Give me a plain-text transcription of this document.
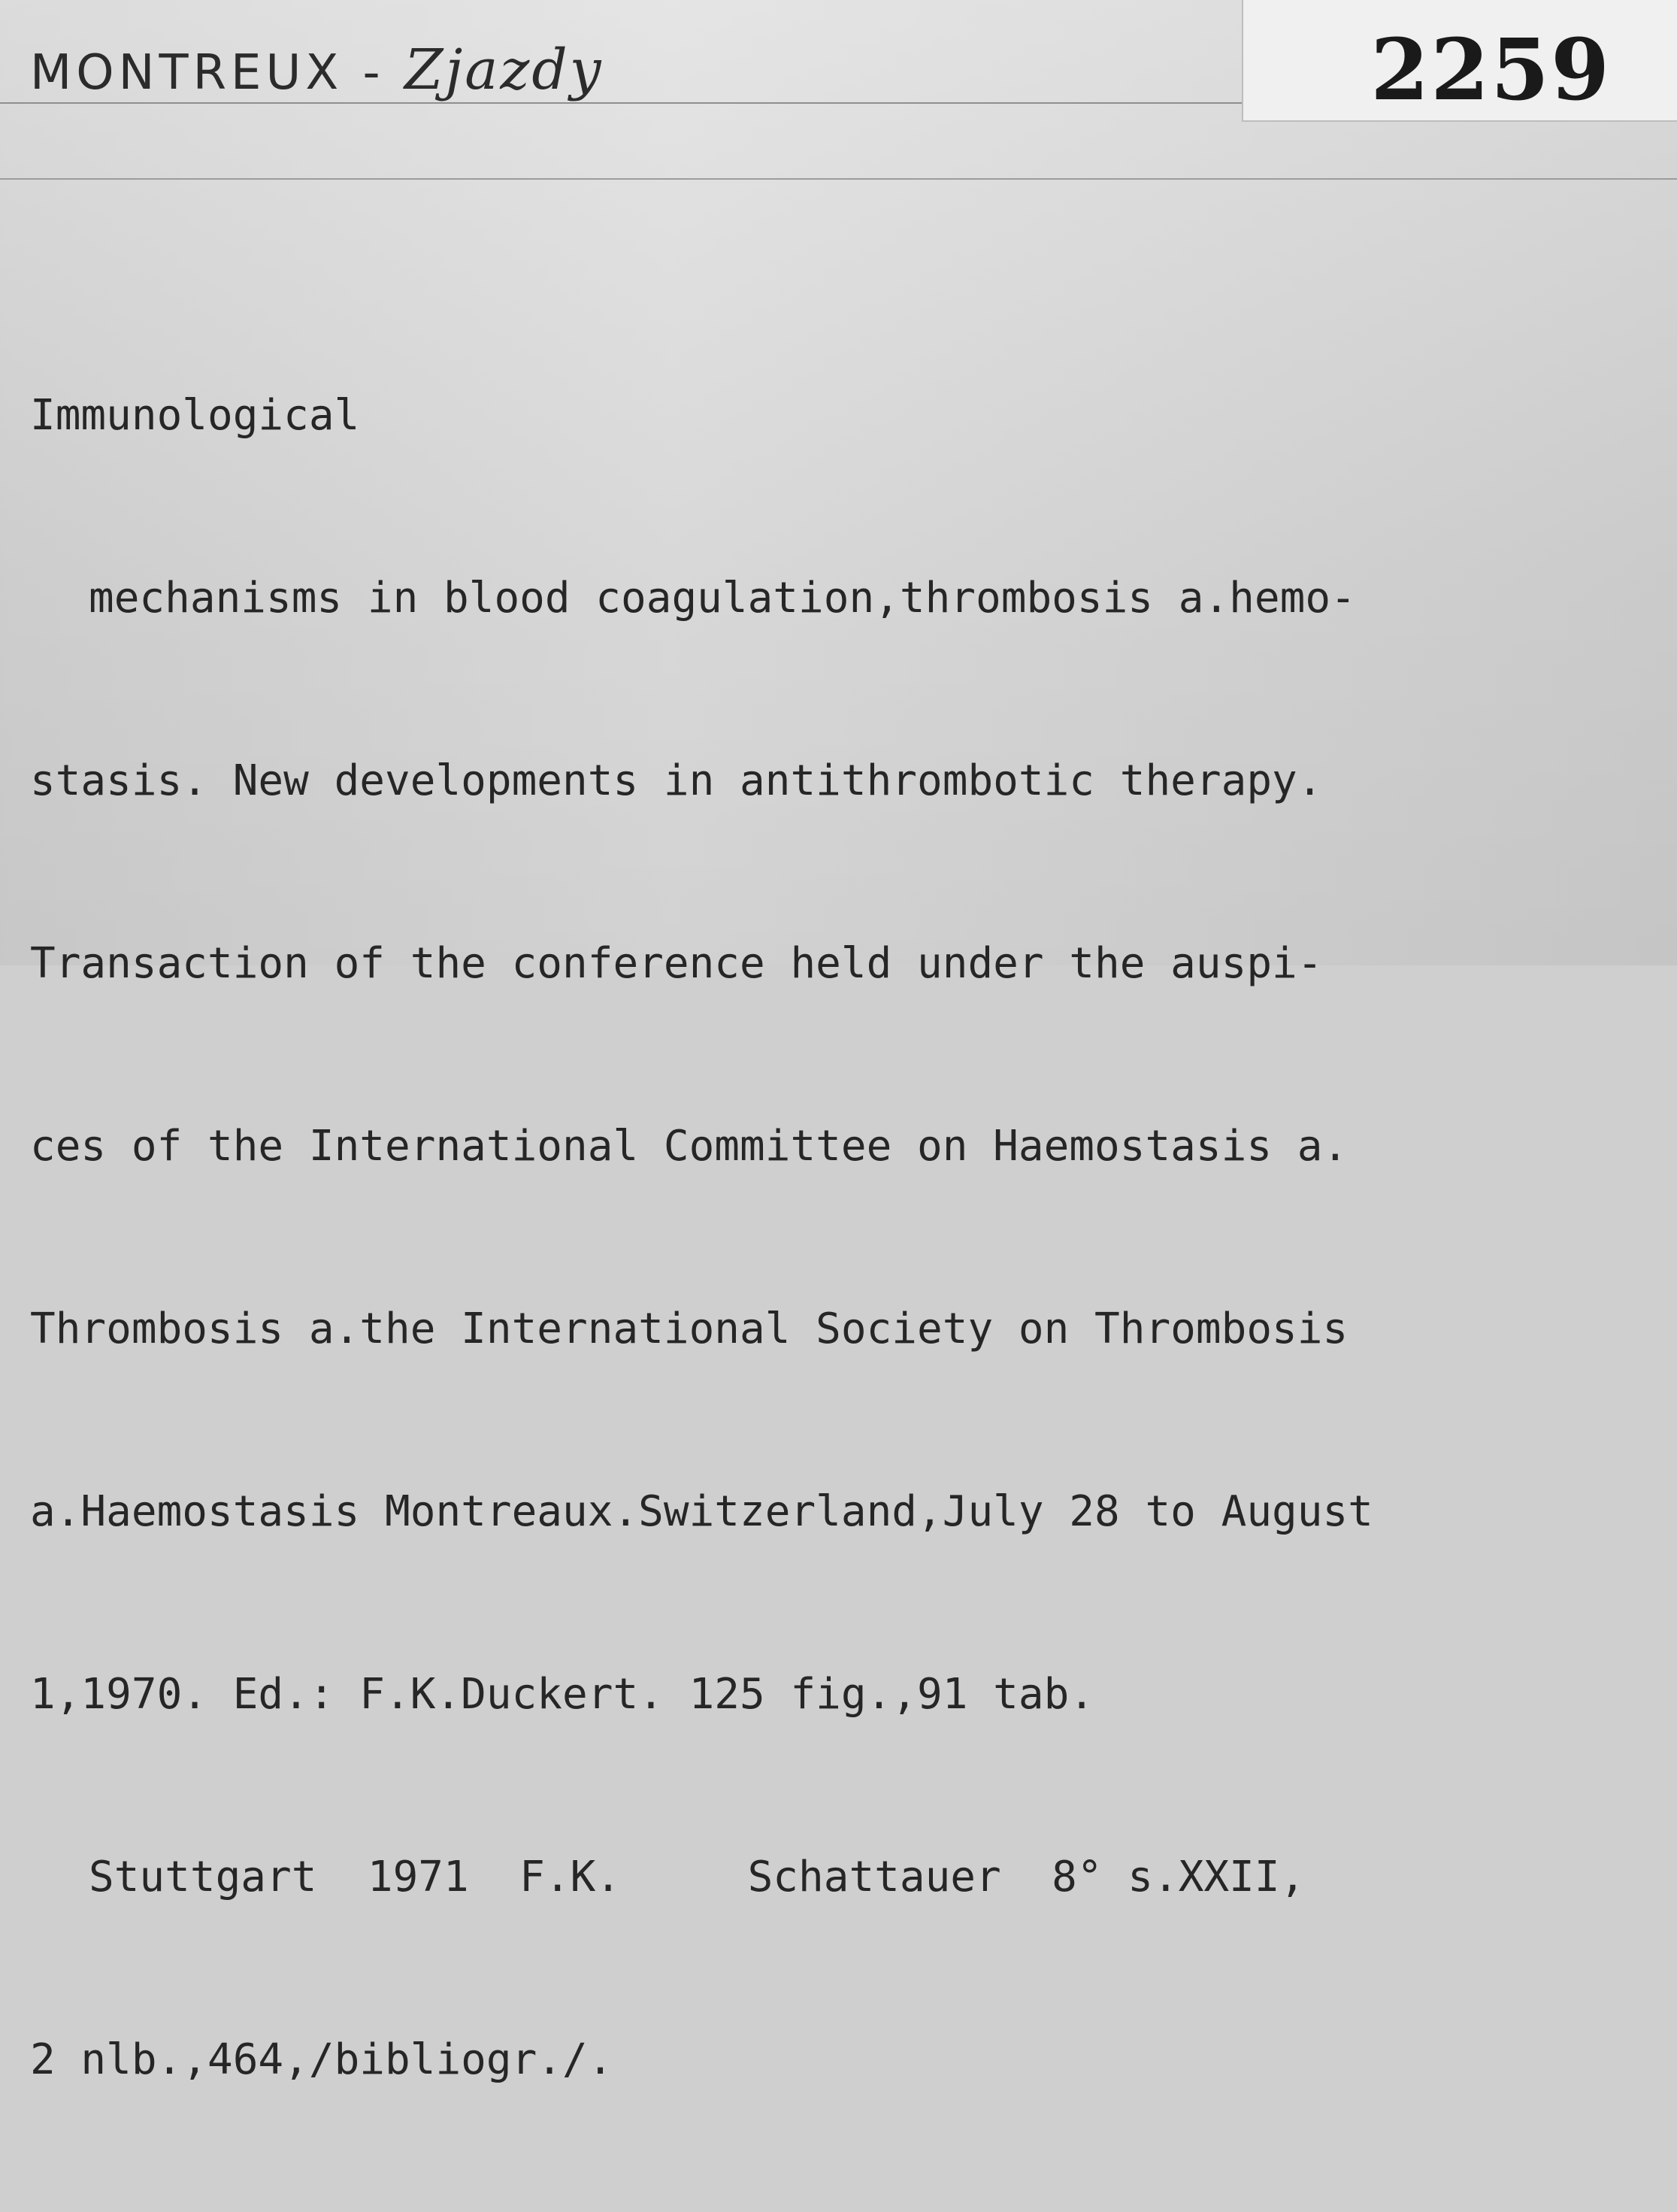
MONTREUX - Zjazdy	2259

Immunological

mechanisms in blood coagulation,thrombosis a.hemo-

stasis. New developments in antithrombotic therapy.

Transaction of the conference held under the auspi-

ces of the International Committee on Haemostasis a.

Thrombosis a.the International Society on Thrombosis

a.Haemostasis Montreaux.Switzerland,July 28 to August

1,1970. Ed.: F.K.Duckert. 125 fig.,91 tab.

Stuttgart  1971  F.K.     Schattauer  8° s.XXII,

2 nlb.,464,/bibliogr./.
